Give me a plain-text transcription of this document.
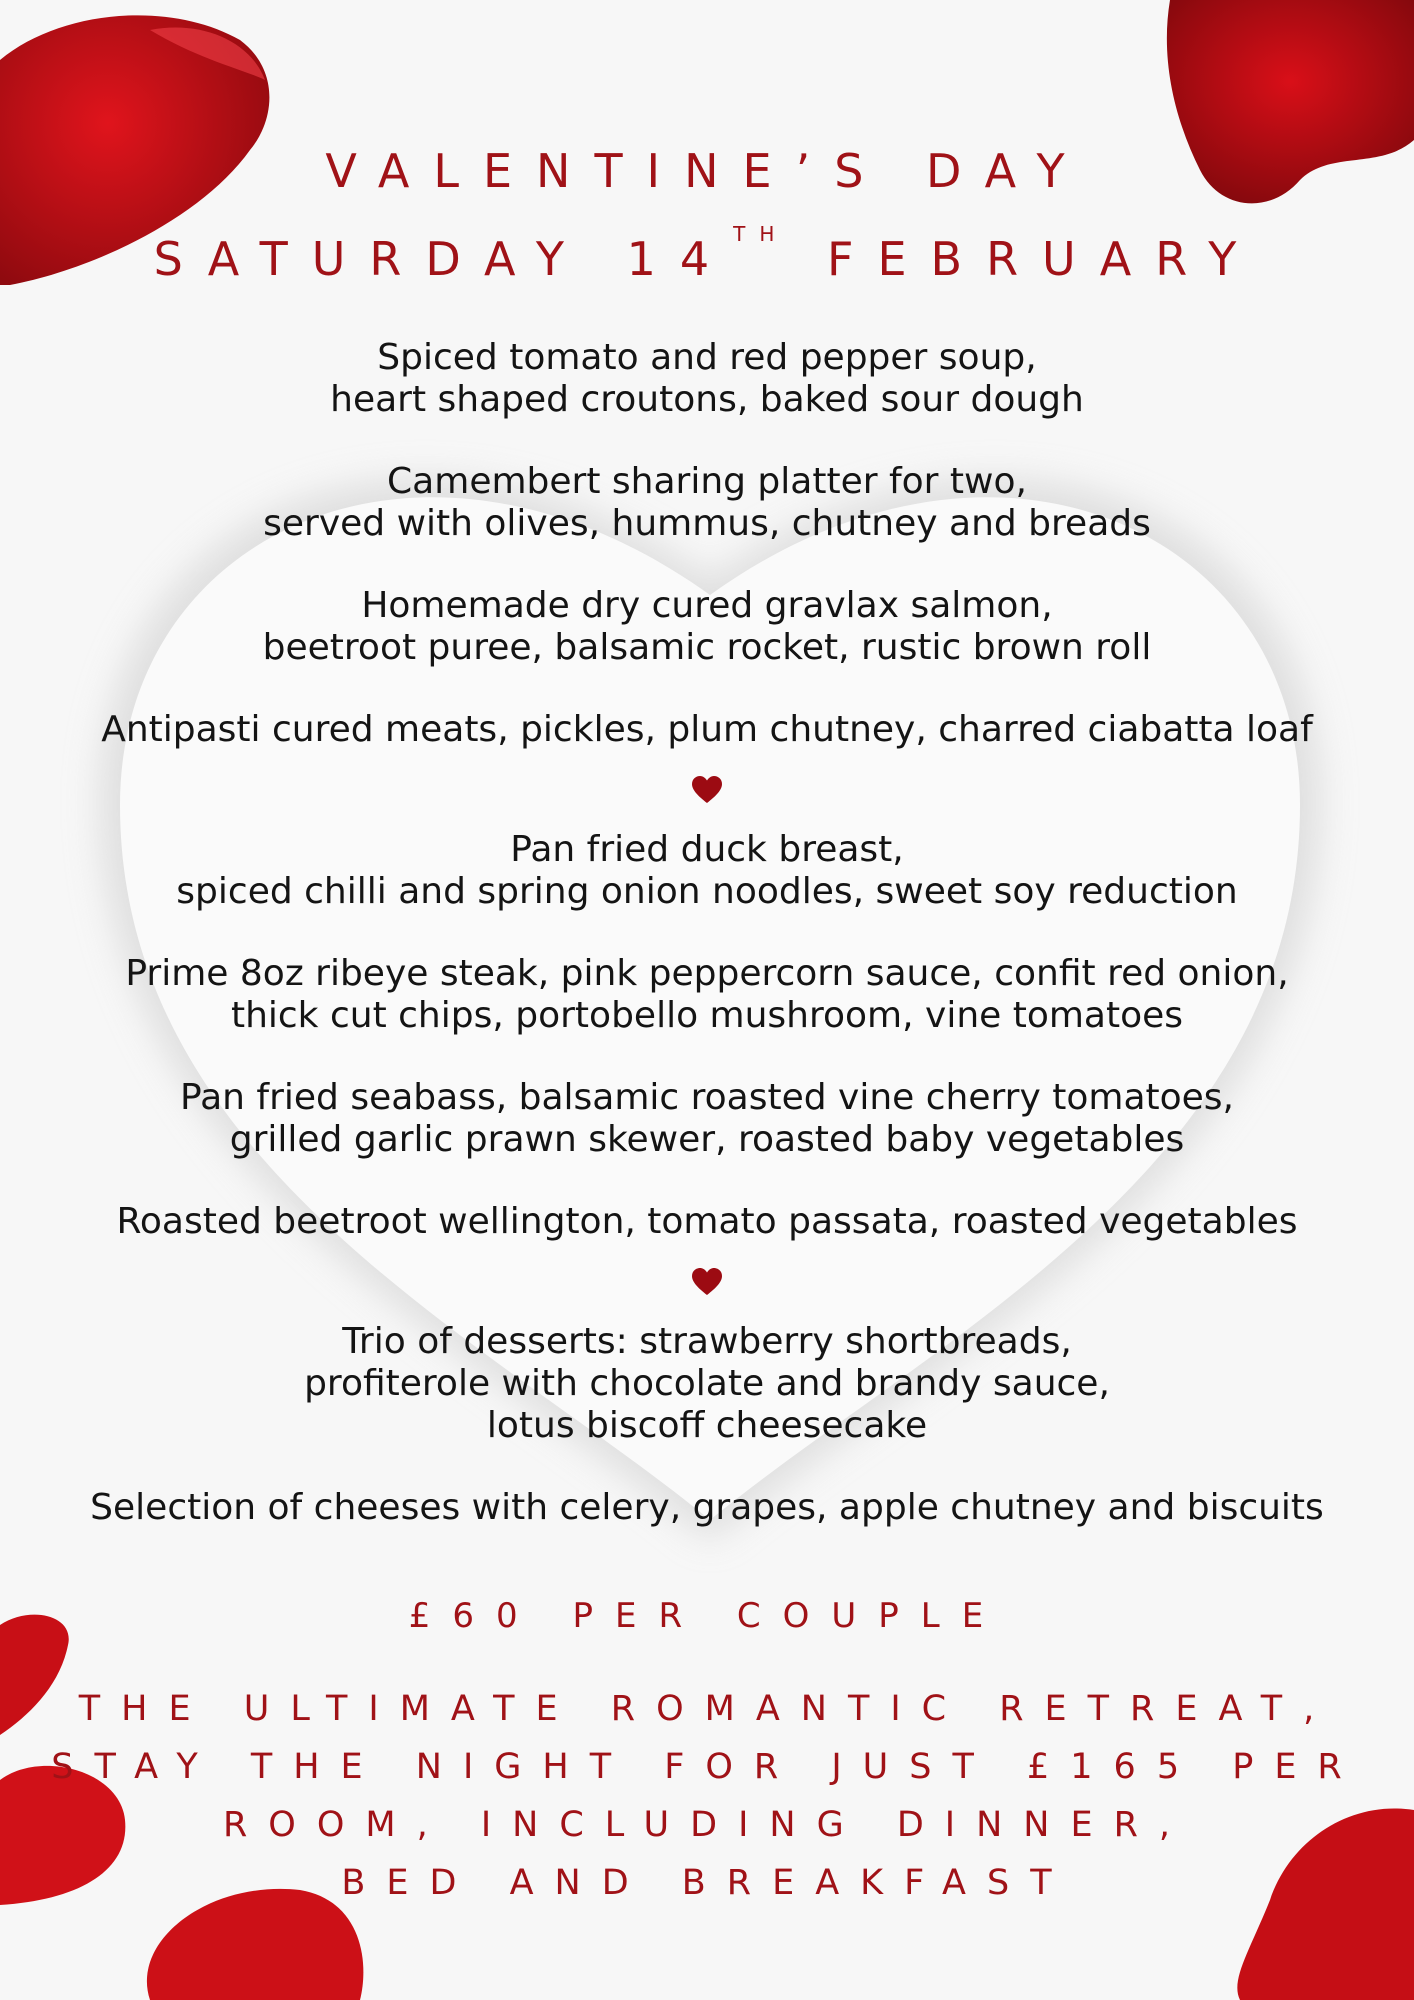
VALENTINE’S DAY
SATURDAY 14TH FEBRUARY
Spiced tomato and red pepper soup,
heart shaped croutons, baked sour dough
Camembert sharing platter for two,
served with olives, hummus, chutney and breads
Homemade dry cured gravlax salmon,
beetroot puree, balsamic rocket, rustic brown roll
Antipasti cured meats, pickles, plum chutney, charred ciabatta loaf
Pan fried duck breast,
spiced chilli and spring onion noodles, sweet soy reduction
Prime 8oz ribeye steak, pink peppercorn sauce, confit red onion,
thick cut chips, portobello mushroom, vine tomatoes
Pan fried seabass, balsamic roasted vine cherry tomatoes,
grilled garlic prawn skewer, roasted baby vegetables
Roasted beetroot wellington, tomato passata, roasted vegetables
Trio of desserts: strawberry shortbreads,
profiterole with chocolate and brandy sauce,
lotus biscoff cheesecake
Selection of cheeses with celery, grapes, apple chutney and biscuits
£60 PER COUPLE
THE ULTIMATE ROMANTIC RETREAT,
STAY THE NIGHT FOR JUST £165 PER
ROOM, INCLUDING DINNER,
BED AND BREAKFAST
